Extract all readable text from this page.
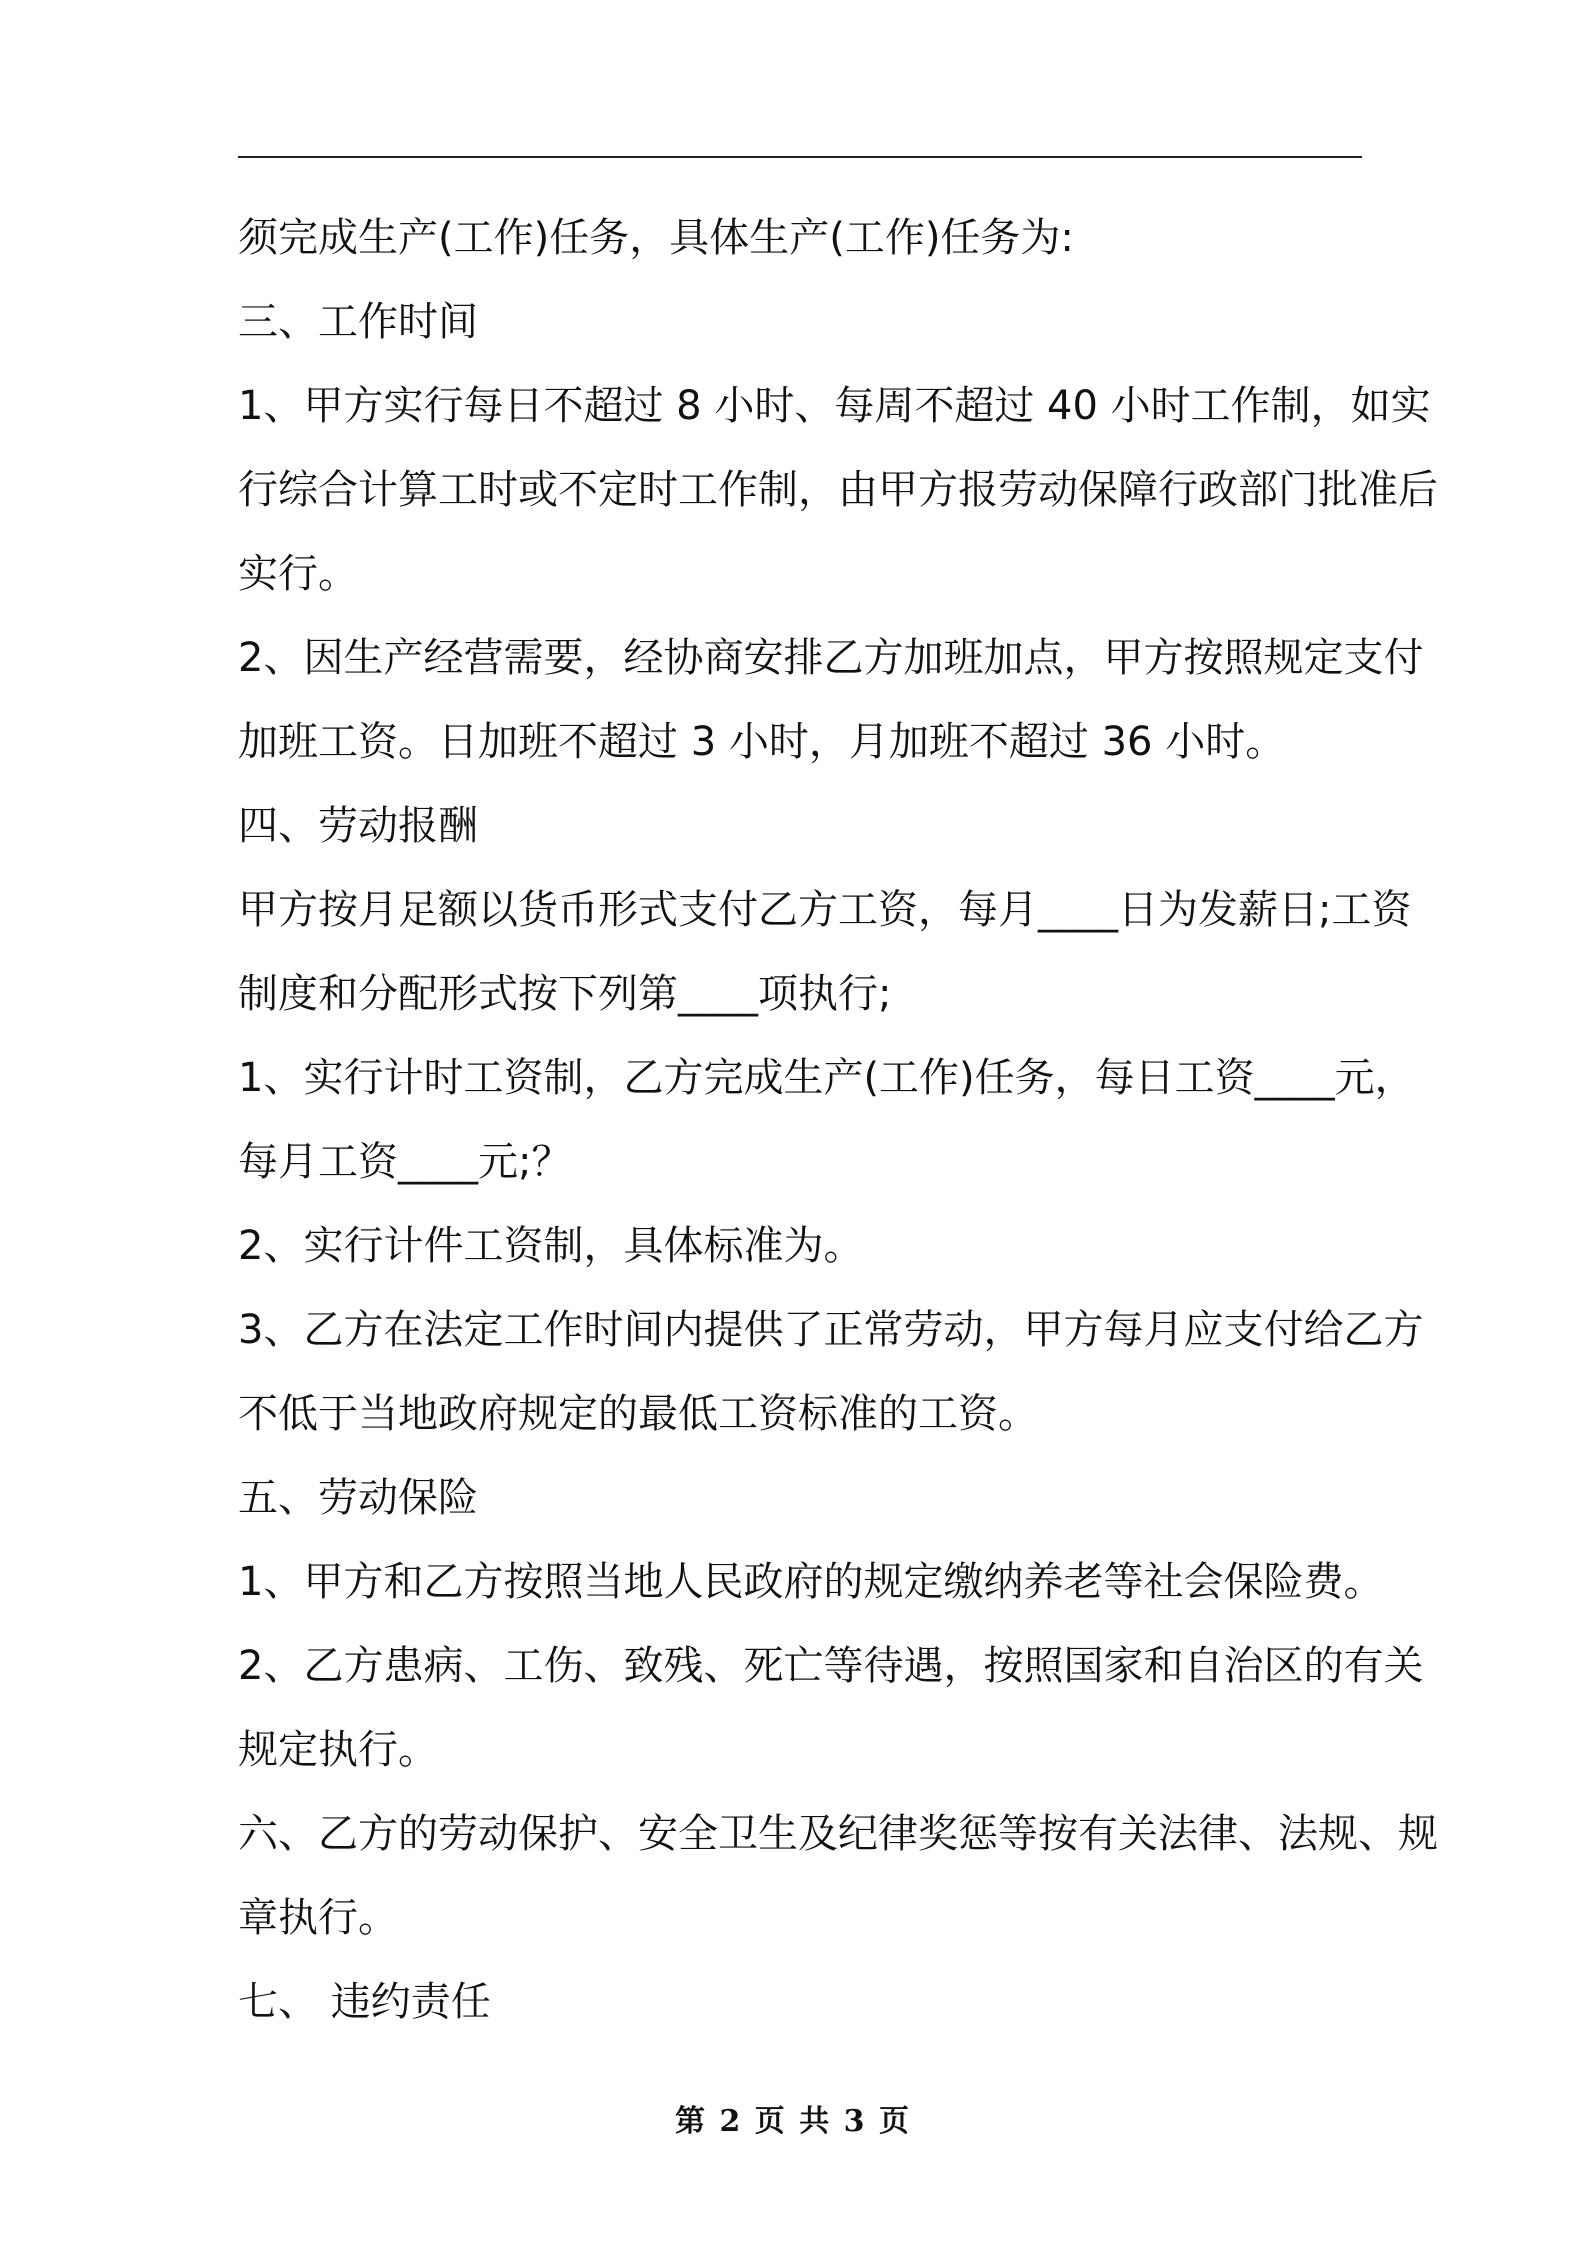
须完成生产(工作)任务，具体生产(工作)任务为:
三、工作时间
1、甲方实行每日不超过 8 小时、每周不超过 40 小时工作制，如实
行综合计算工时或不定时工作制，由甲方报劳动保障行政部门批准后
实行。
2、因生产经营需要，经协商安排乙方加班加点，甲方按照规定支付
加班工资。日加班不超过 3 小时，月加班不超过 36 小时。
四、劳动报酬
甲方按月足额以货币形式支付乙方工资，每月____日为发薪日;工资
制度和分配形式按下列第____项执行;
1、实行计时工资制，乙方完成生产(工作)任务，每日工资____元，
每月工资____元;？
2、实行计件工资制，具体标准为。
3、乙方在法定工作时间内提供了正常劳动，甲方每月应支付给乙方
不低于当地政府规定的最低工资标准的工资。
五、劳动保险
1、甲方和乙方按照当地人民政府的规定缴纳养老等社会保险费。
2、乙方患病、工伤、致残、死亡等待遇，按照国家和自治区的有关
规定执行。
六、乙方的劳动保护、安全卫生及纪律奖惩等按有关法律、法规、规
章执行。
七、 违约责任
第 2 页 共 3 页
